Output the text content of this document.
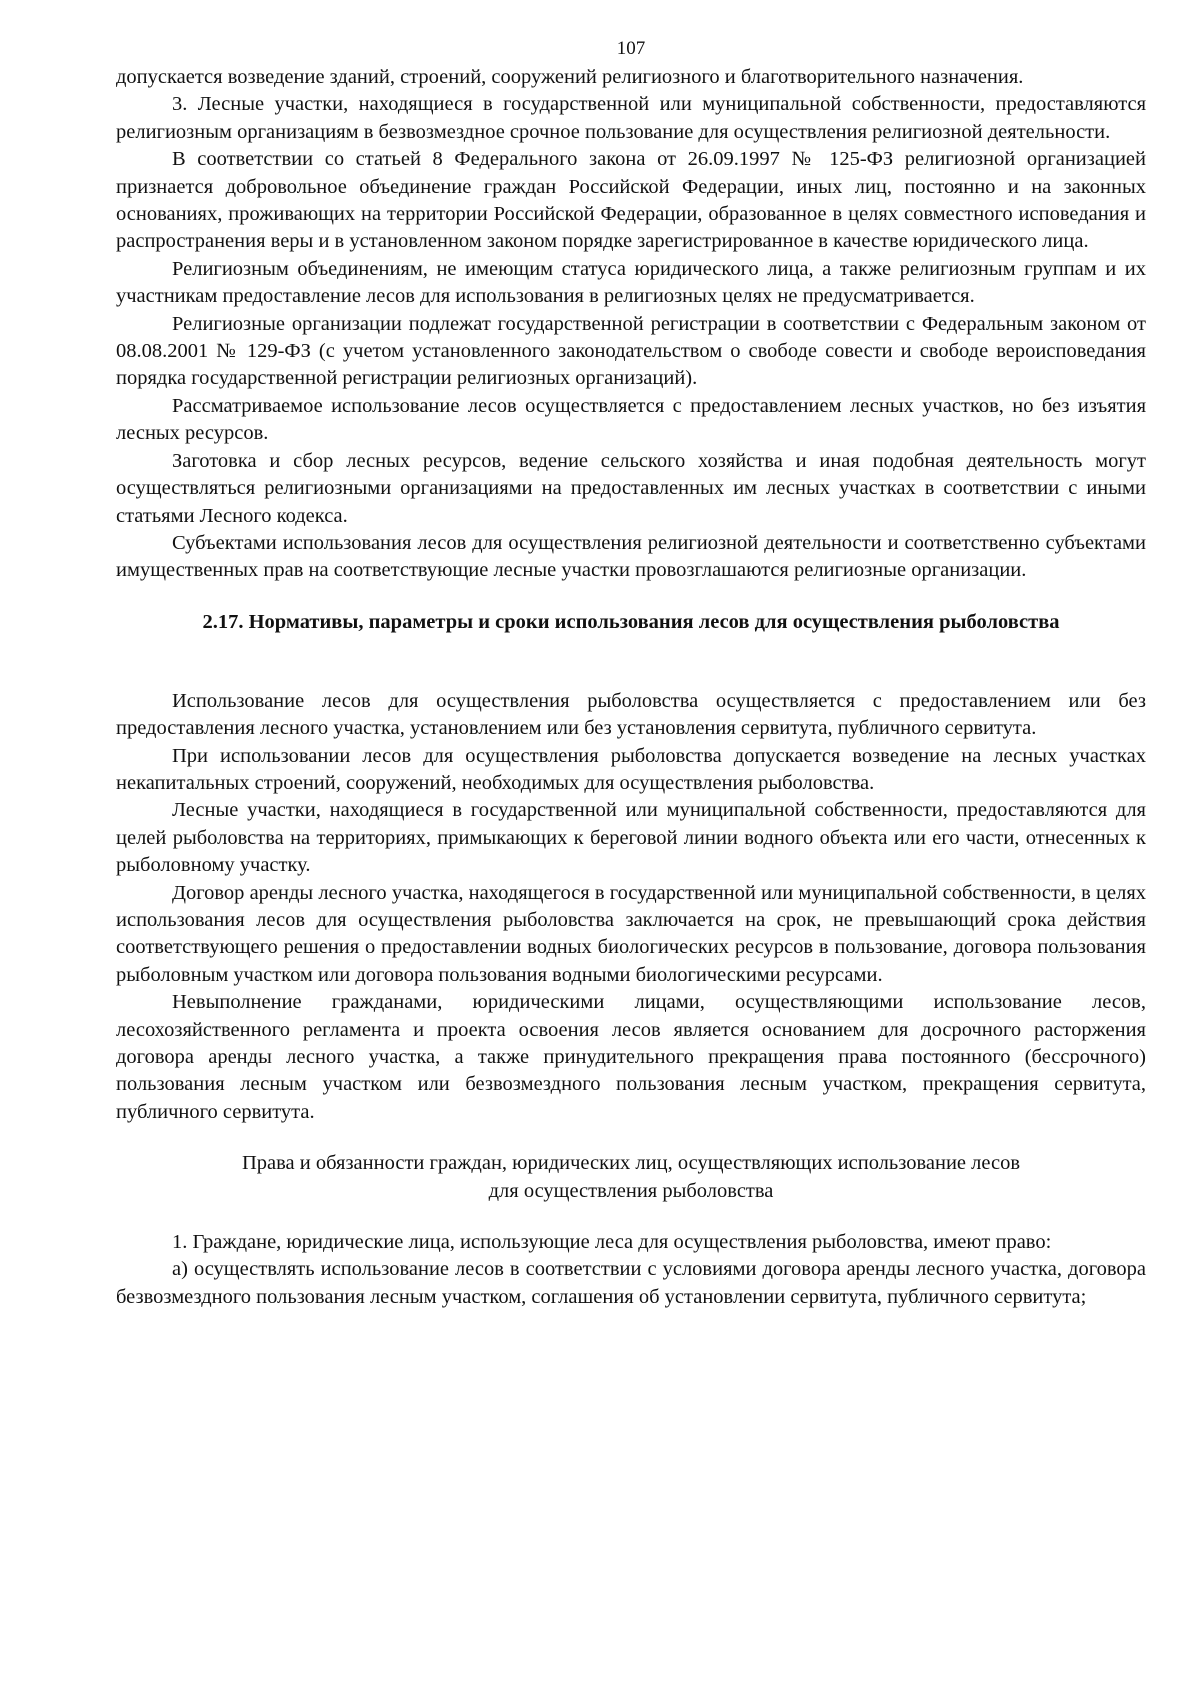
107

допускается возведение зданий, строений, сооружений религиозного и благотворительного назначения.

3. Лесные участки, находящиеся в государственной или муниципальной собственности, предоставляются религиозным организациям в безвозмездное срочное пользование для осуществления религиозной деятельности.

В соответствии со статьей 8 Федерального закона от 26.09.1997 № 125-ФЗ религиозной организацией признается добровольное объединение граждан Российской Федерации, иных лиц, постоянно и на законных основаниях, проживающих на территории Российской Федерации, образованное в целях совместного исповедания и распространения веры и в установленном законом порядке зарегистрированное в качестве юридического лица.

Религиозным объединениям, не имеющим статуса юридического лица, а также религиозным группам и их участникам предоставление лесов для использования в религиозных целях не предусматривается.

Религиозные организации подлежат государственной регистрации в соответствии с Федеральным законом от 08.08.2001 № 129-ФЗ (с учетом установленного законодательством о свободе совести и свободе вероисповедания порядка государственной регистрации религиозных организаций).

Рассматриваемое использование лесов осуществляется с предоставлением лесных участков, но без изъятия лесных ресурсов.

Заготовка и сбор лесных ресурсов, ведение сельского хозяйства и иная подобная деятельность могут осуществляться религиозными организациями на предоставленных им лесных участках в соответствии с иными статьями Лесного кодекса.

Субъектами использования лесов для осуществления религиозной деятельности и соответственно субъектами имущественных прав на соответствующие лесные участки провозглашаются религиозные организации.

2.17. Нормативы, параметры и сроки использования лесов для осуществления рыболовства

Использование лесов для осуществления рыболовства осуществляется с предоставлением или без предоставления лесного участка, установлением или без установления сервитута, публичного сервитута.

При использовании лесов для осуществления рыболовства допускается возведение на лесных участках некапитальных строений, сооружений, необходимых для осуществления рыболовства.

Лесные участки, находящиеся в государственной или муниципальной собственности, предоставляются для целей рыболовства на территориях, примыкающих к береговой линии водного объекта или его части, отнесенных к рыболовному участку.

Договор аренды лесного участка, находящегося в государственной или муниципальной собственности, в целях использования лесов для осуществления рыболовства заключается на срок, не превышающий срока действия соответствующего решения о предоставлении водных биологических ресурсов в пользование, договора пользования рыболовным участком или договора пользования водными биологическими ресурсами.

Невыполнение гражданами, юридическими лицами, осуществляющими использование лесов, лесохозяйственного регламента и проекта освоения лесов является основанием для досрочного расторжения договора аренды лесного участка, а также принудительного прекращения права постоянного (бессрочного) пользования лесным участком или безвозмездного пользования лесным участком, прекращения сервитута, публичного сервитута.

Права и обязанности граждан, юридических лиц, осуществляющих использование лесов
для осуществления рыболовства

1. Граждане, юридические лица, использующие леса для осуществления рыболовства, имеют право:

а) осуществлять использование лесов в соответствии с условиями договора аренды лесного участка, договора безвозмездного пользования лесным участком, соглашения об установлении сервитута, публичного сервитута;
